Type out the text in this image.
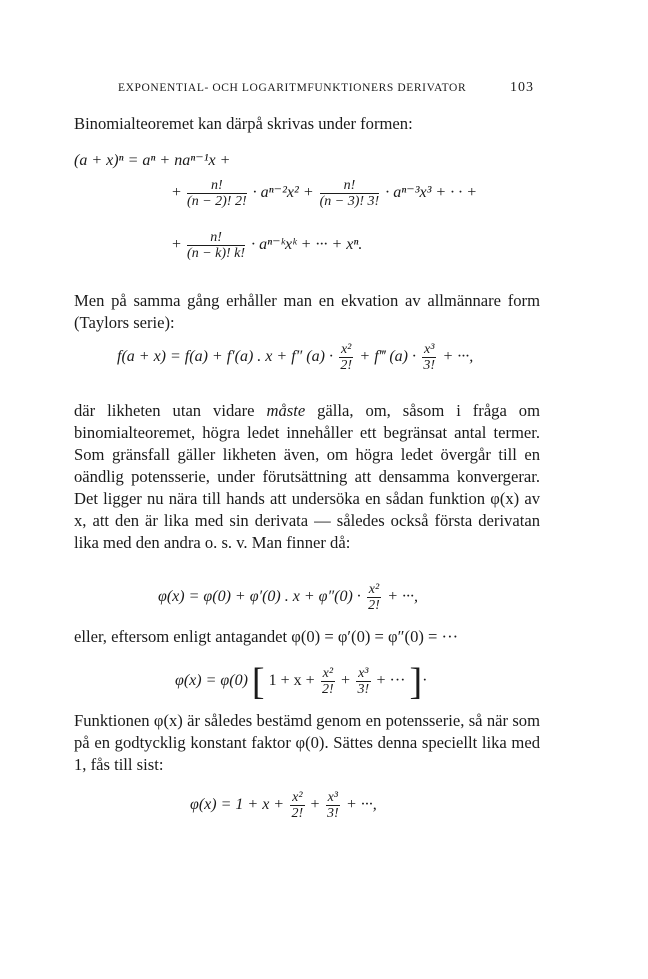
EXPONENTIAL- OCH LOGARITMFUNKTIONERS DERIVATOR	103

Binomialteoremet kan därpå skrivas under formen:

(a + x)ⁿ = aⁿ + naⁿ⁻¹x +
+ $\frac{n!}{(n - 2)! 2!} \cdot a^{n-2}x^2 + \frac{n!}{(n - 3)! 3!} \cdot a^{n-3}x^3$ + · · +
+ $\frac{n!}{(n - k)! k!}$ · aⁿ⁻ᵏxᵏ + ··· + xⁿ.

Men på samma gång erhåller man en ekvation av allmännare form (Taylors serie):

f(a + x) = f(a) + f′(a) . x + f″ $(a) \cdot \frac{\text{x²}}{2!}$ + f‴ $(a) \cdot \frac{\text{x³}}{3!}$ + ···,

där likheten utan vidare måste gälla, om, såsom i fråga om binomialteoremet, högra ledet innehåller ett begränsat antal termer. Som gränsfall gäller likheten även, om högra ledet övergår till en oändlig potensserie, under förutsättning att densamma konvergerar. Det ligger nu nära till hands att undersöka en sådan funktion φ(x) av x, att den är lika med sin derivata — således också första derivatan lika med den andra o. s. v. Man finner då:

φ(x) = φ(0) + φ′(0) . $x + \varphi''(0) \cdot \frac{\text{x²}}{2!}$ + ···,

eller, eftersom enligt antagandet φ(0) = φ′(0) = φ″(0) = ···

φ(x) = φ(0) [ $1 + x + \frac{\text{x²}}{2!} + \frac{\text{x³}}{3!}$ + ··· ]·

Funktionen φ(x) är således bestämd genom en potensserie, så när som på en godtycklig konstant faktor φ(0). Sättes denna speciellt lika med 1, fås till sist:

$\varphi(x) = 1 + x + \frac{\text{x²}}{2!} + \frac{\text{x³}}{3!}$ + ···,
